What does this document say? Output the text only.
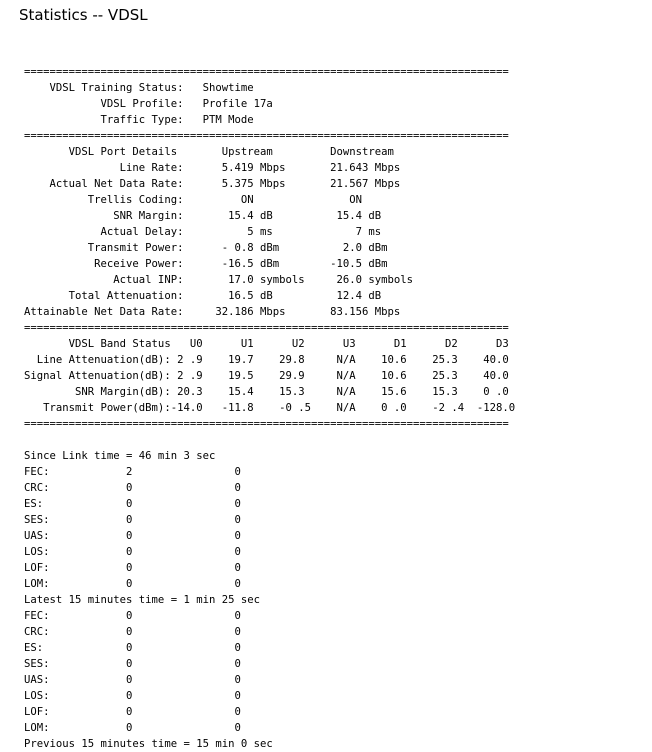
Statistics -- VDSL
============================================================================
VDSL Training Status:   Showtime
VDSL Profile:   Profile 17a
Traffic Type:   PTM Mode
============================================================================
VDSL Port Details       Upstream         Downstream
Line Rate:      5.419 Mbps       21.643 Mbps
Actual Net Data Rate:      5.375 Mbps       21.567 Mbps
Trellis Coding:         ON               ON
SNR Margin:       15.4 dB          15.4 dB
Actual Delay:          5 ms             7 ms
Transmit Power:      - 0.8 dBm          2.0 dBm
Receive Power:      -16.5 dBm        -10.5 dBm
Actual INP:       17.0 symbols     26.0 symbols
Total Attenuation:       16.5 dB          12.4 dB
Attainable Net Data Rate:     32.186 Mbps       83.156 Mbps
============================================================================
VDSL Band Status   U0      U1      U2      U3      D1      D2      D3
Line Attenuation(dB): 2 .9    19.7    29.8     N/A    10.6    25.3    40.0
Signal Attenuation(dB): 2 .9    19.5    29.9     N/A    10.6    25.3    40.0
SNR Margin(dB): 20.3    15.4    15.3     N/A    15.6    15.3    0 .0
Transmit Power(dBm):-14.0   -11.8    -0 .5    N/A    0 .0    -2 .4  -128.0
============================================================================
Since Link time = 46 min 3 sec
FEC:            2                0
CRC:            0                0
ES:             0                0
SES:            0                0
UAS:            0                0
LOS:            0                0
LOF:            0                0
LOM:            0                0
Latest 15 minutes time = 1 min 25 sec
FEC:            0                0
CRC:            0                0
ES:             0                0
SES:            0                0
UAS:            0                0
LOS:            0                0
LOF:            0                0
LOM:            0                0
Previous 15 minutes time = 15 min 0 sec
